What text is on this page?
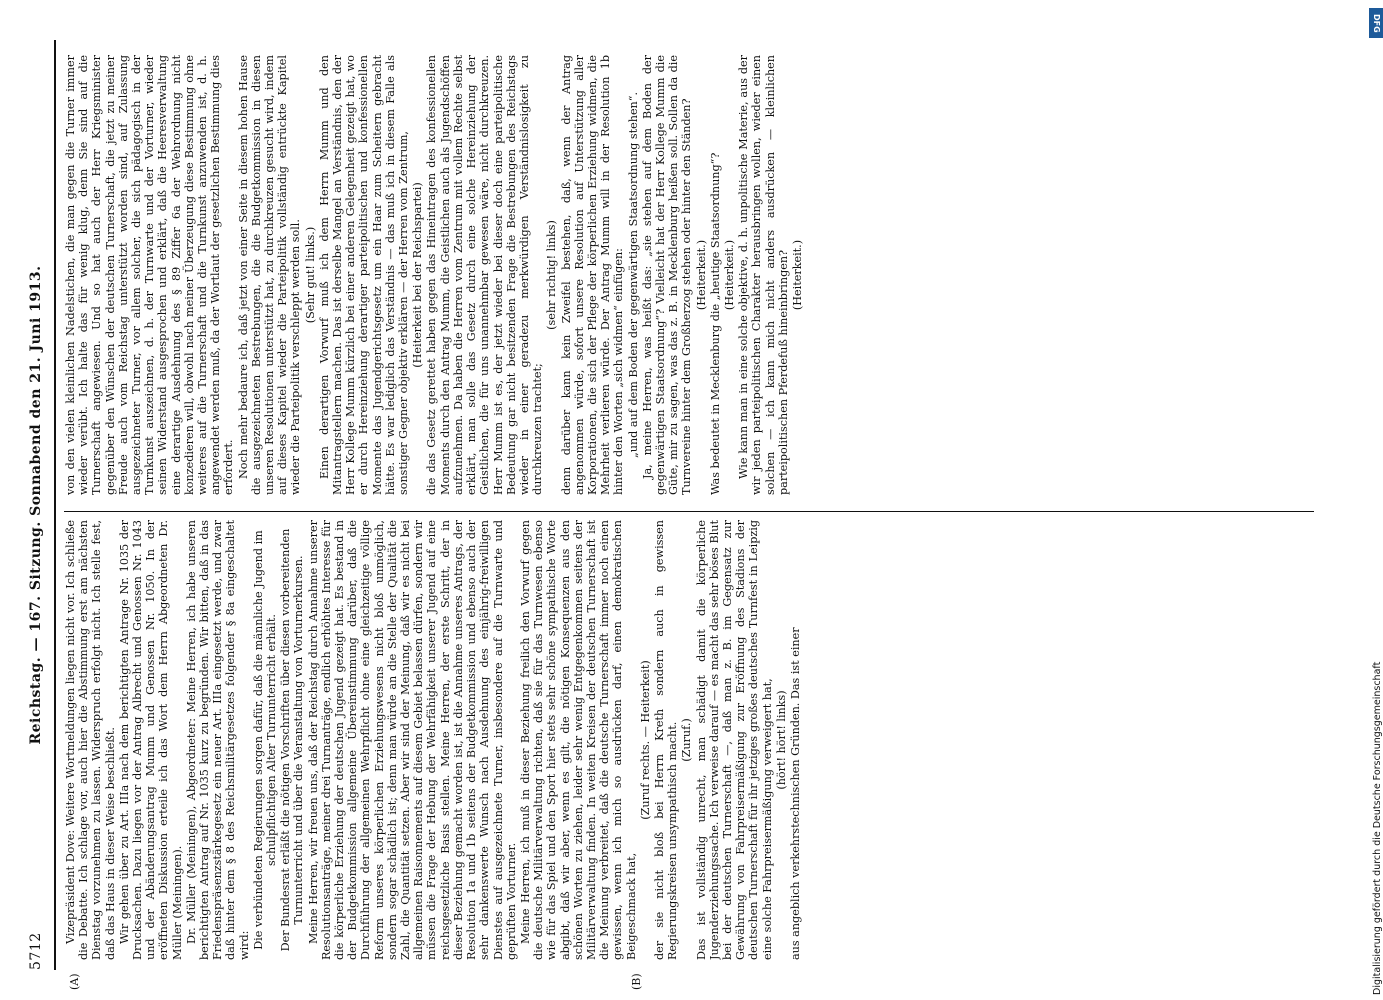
5712
Reichstag. — 167. Sitzung. Sonnabend den 21. Juni 1913.
(A)	(B)

Vizepräsident Dove: Weitere Wortmeldungen liegen nicht vor. Ich schließe die Debatte. Ich schlage vor, auch hier die Abstimmung erst am nächsten Dienstag vorzunehmen zu lassen. Widerspruch erfolgt nicht. Ich stelle fest, daß das Haus in dieser Weise beschließt. Wir gehen über zu Art. IIIa nach dem berichtigten Antrage Nr. 1035 der Drucksachen. Dazu liegen vor der Antrag Albrecht und Genossen Nr. 1043 und der Abänderungsantrag Mumm und Genossen Nr. 1050. In der eröffneten Diskussion erteile ich das Wort dem Herrn Abgeordneten Dr. Müller (Meiningen). Dr. Müller (Meiningen), Abgeordneter: Meine Herren, ich habe unseren berichtigten Antrag auf Nr. 1035 kurz zu begründen. Wir bitten, daß in das Friedenspräsenzstärkegesetz ein neuer Art. IIIa eingesetzt werde, und zwar daß hinter dem § 8 des Reichsmilitärgesetzes folgender § 8a eingeschaltet wird: Die verbündeten Regierungen sorgen dafür, daß die männliche Jugend im schulpflichtigen Alter Turnunterricht erhält. Der Bundesrat erläßt die nötigen Vorschriften über diesen vorbereitenden Turnunterricht und über die Veranstaltung von Vorturnerkursen. Meine Herren, wir freuen uns, daß der Reichstag durch Annahme unserer Resolutionsanträge, meiner drei Turnanträge, endlich erhöhtes Interesse für die körperliche Erziehung der deutschen Jugend gezeigt hat. Es bestand in der Budgetkommission allgemeine Übereinstimmung darüber, daß die Durchführung der allgemeinen Wehrpflicht ohne eine gleichzeitige völlige Reform unseres körperlichen Erziehungswesens nicht bloß unmöglich, sondern sogar schädlich ist; denn man würde an die Stelle der Qualität die Zahl, die Quantität setzen. Aber wir sind der Meinung, daß wir es nicht bei allgemeinen Raisonnements auf diesem Gebiet belassen dürfen, sondern wir müssen die Frage der Hebung der Wehrfähigkeit unserer Jugend auf eine reichsgesetzliche Basis stellen. Meine Herren, der erste Schritt, der in dieser Beziehung gemacht worden ist, ist die Annahme unseres Antrags, der Resolution 1a und 1b seitens der Budgetkommission und ebenso auch der sehr dankenswerte Wunsch nach Ausdehnung des einjährig-freiwilligen Dienstes auf ausgezeichnete Turner, insbesondere auf die Turnwarte und geprüften Vorturner. Meine Herren, ich muß in dieser Beziehung freilich den Vorwurf gegen die deutsche Militärverwaltung richten, daß sie für das Turnwesen ebenso wie für das Spiel und den Sport hier stets sehr schöne sympathische Worte abgibt, daß wir aber, wenn es gilt, die nötigen Konsequenzen aus den schönen Worten zu ziehen, leider sehr wenig Entgegenkommen seitens der Militärverwaltung finden. In weiten Kreisen der deutschen Turnerschaft ist die Meinung verbreitet, daß die deutsche Turnerschaft immer noch einen gewissen, wenn ich mich so ausdrücken darf, einen demokratischen Beigeschmack hat,

(Zuruf rechts. — Heiterkeit) der sie nicht bloß bei Herrn Kreth sondern auch in gewissen Regierungskreisen unsympathisch macht. (Zuruf.) Das ist vollständig unrecht, man schädigt damit die körperliche Jugenderziehungssache. Ich verweise darauf — es macht das sehr böses Blut bei der deutschen Turnerschaft —, daß man z. B. im Gegensatz zur Gewährung von Fahrpreisermäßigung zur Eröffnung des Stadions der deutschen Turnerschaft für ihr jetziges großes deutsches Turnfest in Leipzig eine solche Fahrpreisermäßigung verweigert hat, (hört! hört! links) aus angeblich verkehrstechnischen Gründen. Das ist einer

von den vielen kleinlichen Nadelstichen, die man gegen die Turner immer wieder verübt. Ich halte das für wenig klug, denn Sie sind auf die Turnerschaft angewiesen. Und so hat auch der Herr Kriegsminister gegenüber den Wünschen der deutschen Turnerschaft, die jetzt zu meiner Freude auch vom Reichstag unterstützt worden sind, auf Zulassung ausgezeichneter Turner, vor allem solcher, die sich pädagogisch in der Turnkunst auszeichnen, d. h. der Turnwarte und der Vorturner, wieder seinen Widerstand ausgesprochen und erklärt, daß die Heeresverwaltung eine derartige Ausdehnung des § 89 Ziffer 6a der Wehrordnung nicht konzedieren will, obwohl nach meiner Überzeugung diese Bestimmung ohne weiteres auf die Turnerschaft und die Turnkunst anzuwenden ist, d. h. angewendet werden muß, da der Wortlaut der gesetzlichen Bestimmung dies erfordert. Noch mehr bedaure ich, daß jetzt von einer Seite in diesem hohen Hause die ausgezeichneten Bestrebungen, die die Budgetkommission in diesen unseren Resolutionen unterstützt hat, zu durchkreuzen gesucht wird, indem auf dieses Kapitel wieder die Parteipolitik vollständig entrückte Kapitel wieder die Parteipolitik verschleppt werden soll. (Sehr gut! links.) Einen derartigen Vorwurf muß ich dem Herrn Mumm und den Mitantragstellern machen. Das ist derselbe Mangel an Verständnis, den der Herr Kollege Mumm kürzlich bei einer anderen Gelegenheit gezeigt hat, wo er durch Hereinziehung derartiger parteipolitischen und konfessionellen Momente das Jugendgerichtsgesetz um ein Haar zum Scheitern gebracht hätte. Es war lediglich das Verständnis — das muß ich in diesem Falle als sonstiger Gegner objektiv erklären — der Herren vom Zentrum, (Heiterkeit bei der Reichspartei) die das Gesetz gerettet haben gegen das Hineintragen des konfessionellen Moments durch den Antrag Mumm, die Geistlichen auch als Jugendschöffen aufzunehmen. Da haben die Herren vom Zentrum mit vollem Rechte selbst erklärt, man solle das Gesetz durch eine solche Hereinziehung der Geistlichen, die für uns unannehmbar gewesen wäre, nicht durchkreuzen. Herr Mumm ist es, der jetzt wieder bei dieser doch eine parteipolitische Bedeutung gar nicht besitzenden Frage die Bestrebungen des Reichstags wieder in einer geradezu merkwürdigen Verständnislosigkeit zu durchkreuzen trachtet;

(sehr richtig! links) denn darüber kann kein Zweifel bestehen, daß, wenn der Antrag angenommen würde, sofort unsere Resolution auf Unterstützung aller Korporationen, die sich der Pflege der körperlichen Erziehung widmen, die Mehrheit verlieren würde. Der Antrag Mumm will in der Resolution 1b hinter den Worten „sich widmen“ einfügen: „und auf dem Boden der gegenwärtigen Staatsordnung stehen“. Ja, meine Herren, was heißt das: „sie stehen auf dem Boden der gegenwärtigen Staatsordnung“? Vielleicht hat der Herr Kollege Mumm die Güte, mir zu sagen, was das z. B. in Mecklenburg heißen soll. Sollen da die Turnvereine hinter dem Großherzog stehen oder hinter den Ständen? (Heiterkeit.) Was bedeutet in Mecklenburg die „heutige Staatsordnung“? (Heiterkeit.) Wie kann man in eine solche objektive, d. h. unpolitische Materie, aus der wir jeden parteipolitischen Charakter herausbringen wollen, wieder einen solchen — ich kann mich nicht anders ausdrücken — kleinlichen parteipolitischen Pferdefuß hineinbringen? (Heiterkeit.)

DFG
Digitalisierung gefördert durch die Deutsche Forschungsgemeinschaft
